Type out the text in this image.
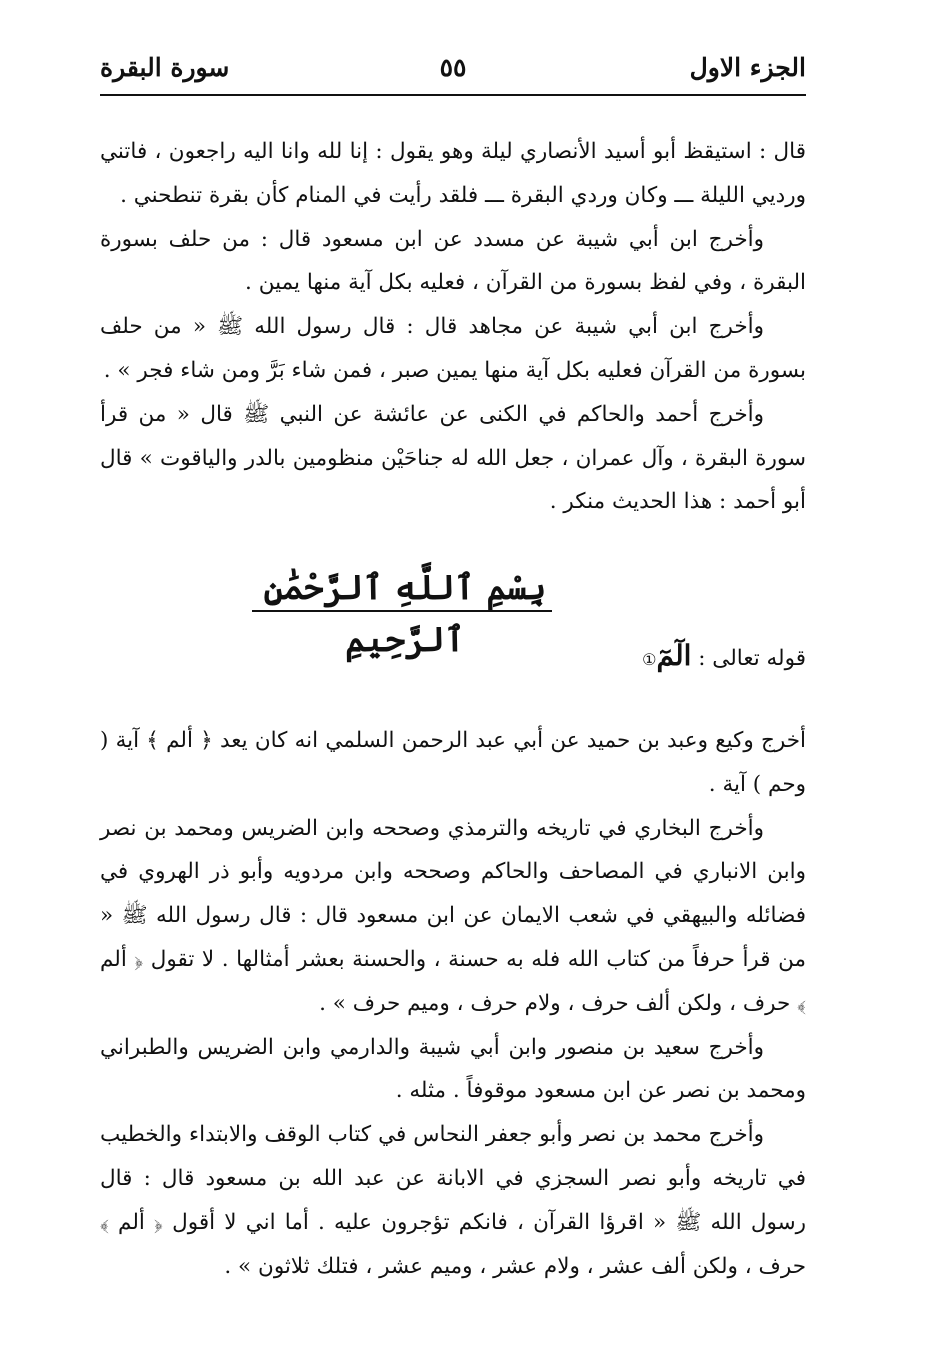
الجزء الاول
٥٥
سورة البقرة

قال : استيقظ أبو أسيد الأنصاري ليلة وهو يقول : إنا لله وانا اليه راجعون ، فاتني ورديي الليلة ـــ وكان وردي البقرة ـــ فلقد رأيت في المنام كأن بقرة تنطحني .

وأخرج ابن أبي شيبة عن مسدد عن ابن مسعود قال : من حلف بسورة البقرة ، وفي لفظ بسورة من القرآن ، فعليه بكل آية منها يمين .

وأخرج ابن أبي شيبة عن مجاهد قال : قال رسول الله ﷺ « من حلف بسورة من القرآن فعليه بكل آية منها يمين صبر ، فمن شاء بَرَّ ومن شاء فجر » .

وأخرج أحمد والحاكم في الكنى عن عائشة عن النبي ﷺ قال « من قرأ سورة البقرة ، وآل عمران ، جعل الله له جناحَيْن منظومين بالدر والياقوت » قال أبو أحمد : هذا الحديث منكر .

بِسْمِ ٱللَّهِ ٱلرَّحْمَٰنِ ٱلرَّحِيمِ	قوله تعالى : الٓمٓ①

أخرج وكيع وعبد بن حميد عن أبي عبد الرحمن السلمي انه كان يعد ﴿ ألم ﴾ آية ( وحم ) آية .

وأخرج البخاري في تاريخه والترمذي وصححه وابن الضريس ومحمد بن نصر وابن الانباري في المصاحف والحاكم وصححه وابن مردويه وأبو ذر الهروي في فضائله والبيهقي في شعب الايمان عن ابن مسعود قال : قال رسول الله ﷺ « من قرأ حرفاً من كتاب الله فله به حسنة ، والحسنة بعشر أمثالها . لا تقول ﴿ ألم ﴾ حرف ، ولكن ألف حرف ، ولام حرف ، وميم حرف » .

وأخرج سعيد بن منصور وابن أبي شيبة والدارمي وابن الضريس والطبراني ومحمد بن نصر عن ابن مسعود موقوفاً . مثله .

وأخرج محمد بن نصر وأبو جعفر النحاس في كتاب الوقف والابتداء والخطيب في تاريخه وأبو نصر السجزي في الابانة عن عبد الله بن مسعود قال : قال رسول الله ﷺ « اقرؤا القرآن ، فانكم تؤجرون عليه . أما اني لا أقول ﴿ ألم ﴾ حرف ، ولكن ألف عشر ، ولام عشر ، وميم عشر ، فتلك ثلاثون » .
